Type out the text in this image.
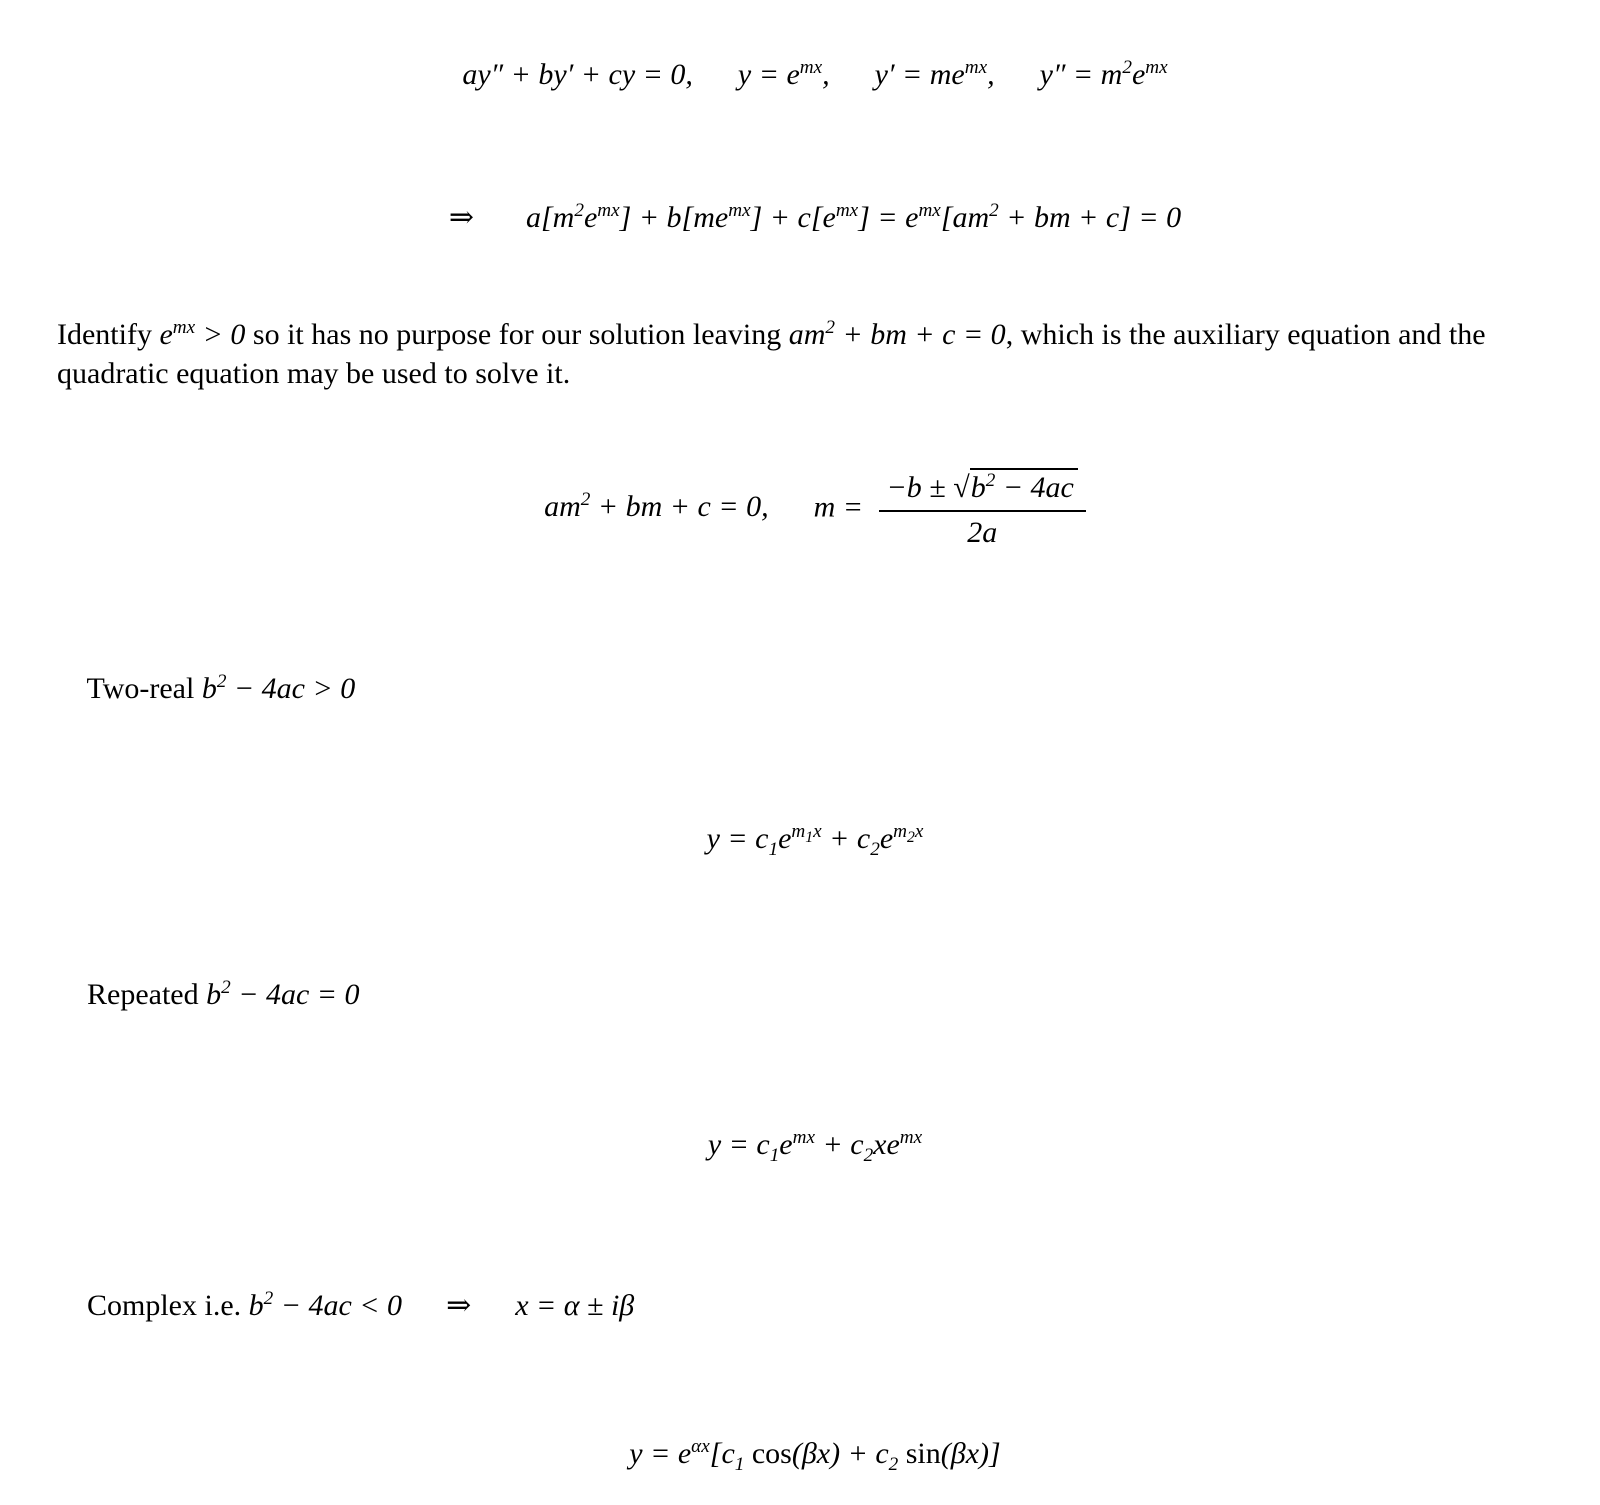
ay″ + by′ + cy = 0,      $y = e^{mx}$,      $y' = me^{mx}$,      $y'' = m^2e^{mx}$

⇒ $a[m^2e^{mx}] + b[me^{mx}] + c[e^{mx}] = e^{mx}[am^2$ + bm + c] = 0

Identify $e^{mx} > 0$ so it has no purpose for our solution leaving $am^2$ + bm + c = 0, which is the auxiliary equation and the quadratic equation may be used to solve it.

$am^2$ + bm + c = 0,      $m = \frac{-b \pm √b^2 - 4ac}{2a}$

Two-real $b^2 - 4ac > 0$

$y = c_1e^{m_1x} + c_2e^{m_2x}$

Repeated $b^2 - 4ac = 0$

$y = c_1e^{mx} + c_2xe^{mx}$

Complex i.e. $b^2 - 4ac < 0$ ⇒ x = α ± iβ

$y = e^{\alpha x}[c_1$ $\cos(\beta x) + c_2$ sin(βx)]
